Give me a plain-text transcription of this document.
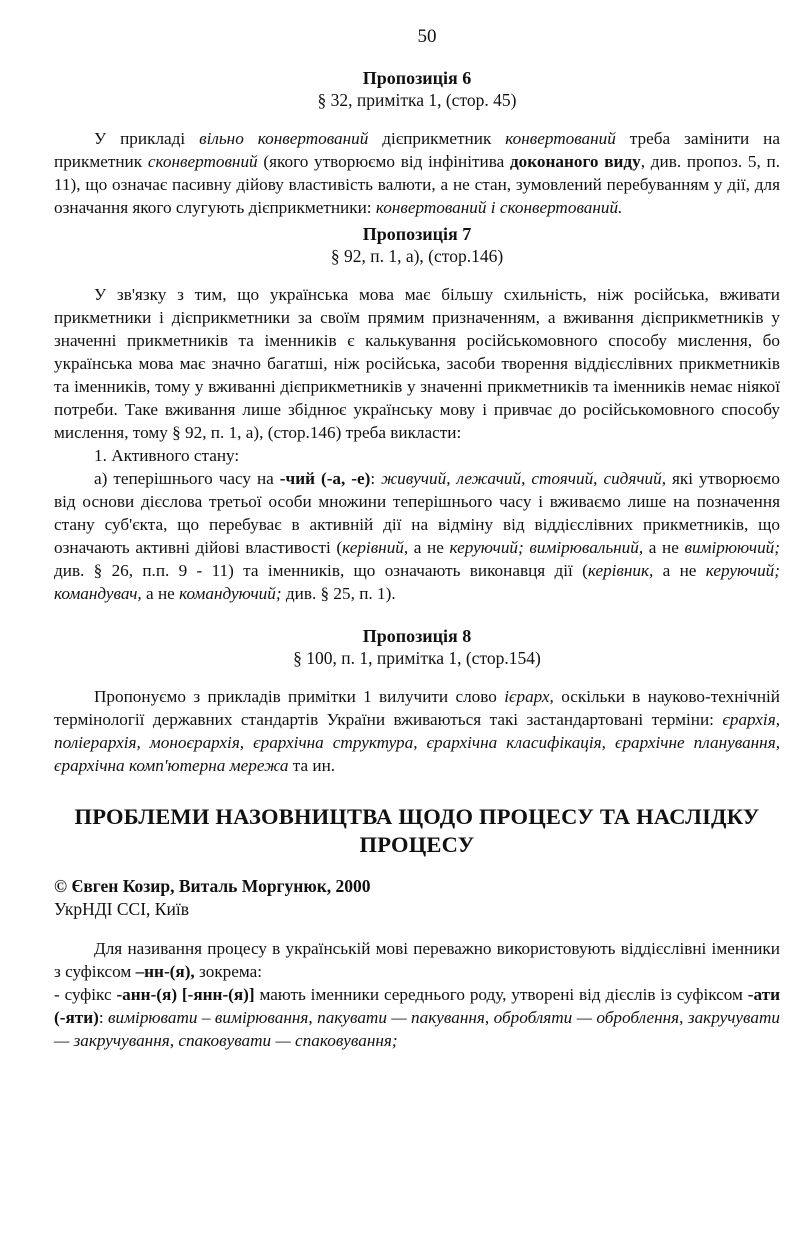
50
Пропозиція 6
§ 32, примітка 1, (стор. 45)

У прикладі вільно конвертований дієприкметник конвертований треба замінити на прикметник сконвертовний (якого утворюємо від інфінітива доконаного виду, див. пропоз. 5, п. 11), що означає пасивну дійову властивість валюти, а не стан, зумовлений перебуванням у дії, для означання якого слугують дієприкметники: конвертований і сконвертований.

Пропозиція 7
§ 92, п. 1, а), (стор.146)

У зв'язку з тим, що українська мова має більшу схильність, ніж російська, вживати прикметники і дієприкметники за своїм прямим призначенням, а вживання дієприкметників у значенні прикметників та іменників є калькування російськомовного способу мислення, бо українська мова має значно багатші, ніж російська, засоби творення віддієслівних прикметників та іменників, тому у вживанні дієприкметників у значенні прикметників та іменників немає ніякої потреби. Таке вживання лише збіднює українську мову і привчає до російськомовного способу мислення, тому § 92, п. 1, а), (стор.146) треба викласти:

1. Активного стану:

а) теперішнього часу на -чий (-а, -е): живучий, лежачий, стоячий, сидячий, які утворюємо від основи дієслова третьої особи множини теперішнього часу і вживаємо лише на позначення стану суб'єкта, що перебуває в активній дії на відміну від віддієслівних прикметників, що означають активні дійові властивості (керівний, а не керуючий; вимірювальний, а не вимірюючий; див. § 26, п.п. 9 - 11) та іменників, що означають виконавця дії (керівник, а не керуючий; командувач, а не командуючий; див. § 25, п. 1).

Пропозиція 8
§ 100, п. 1, примітка 1, (стор.154)

Пропонуємо з прикладів примітки 1 вилучити слово ієрарх, оскільки в науково-технічній термінології державних стандартів України вживаються такі застандартовані терміни: єрархія, поліерархія, моноєрархія, єрархічна структура, єрархічна класифікація, єрархічне планування, єрархічна комп'ютерна мережа та ин.

ПРОБЛЕМИ НАЗОВНИЦТВА ЩОДО ПРОЦЕСУ ТА НАСЛІДКУ ПРОЦЕСУ
© Євген Козир, Виталь Моргунюк, 2000
УкрНДІ ССІ, Київ

Для називання процесу в українській мові переважно використовують віддієслівні іменники з суфіксом –нн-(я), зокрема:

- суфікс -анн-(я) [-янн-(я)] мають іменники середнього роду, утворені від дієслів із суфіксом -ати (-яти): вимірювати – вимірювання, пакувати — пакування, обробляти — оброблення, закручувати — закручування, спаковувати — спаковування;
